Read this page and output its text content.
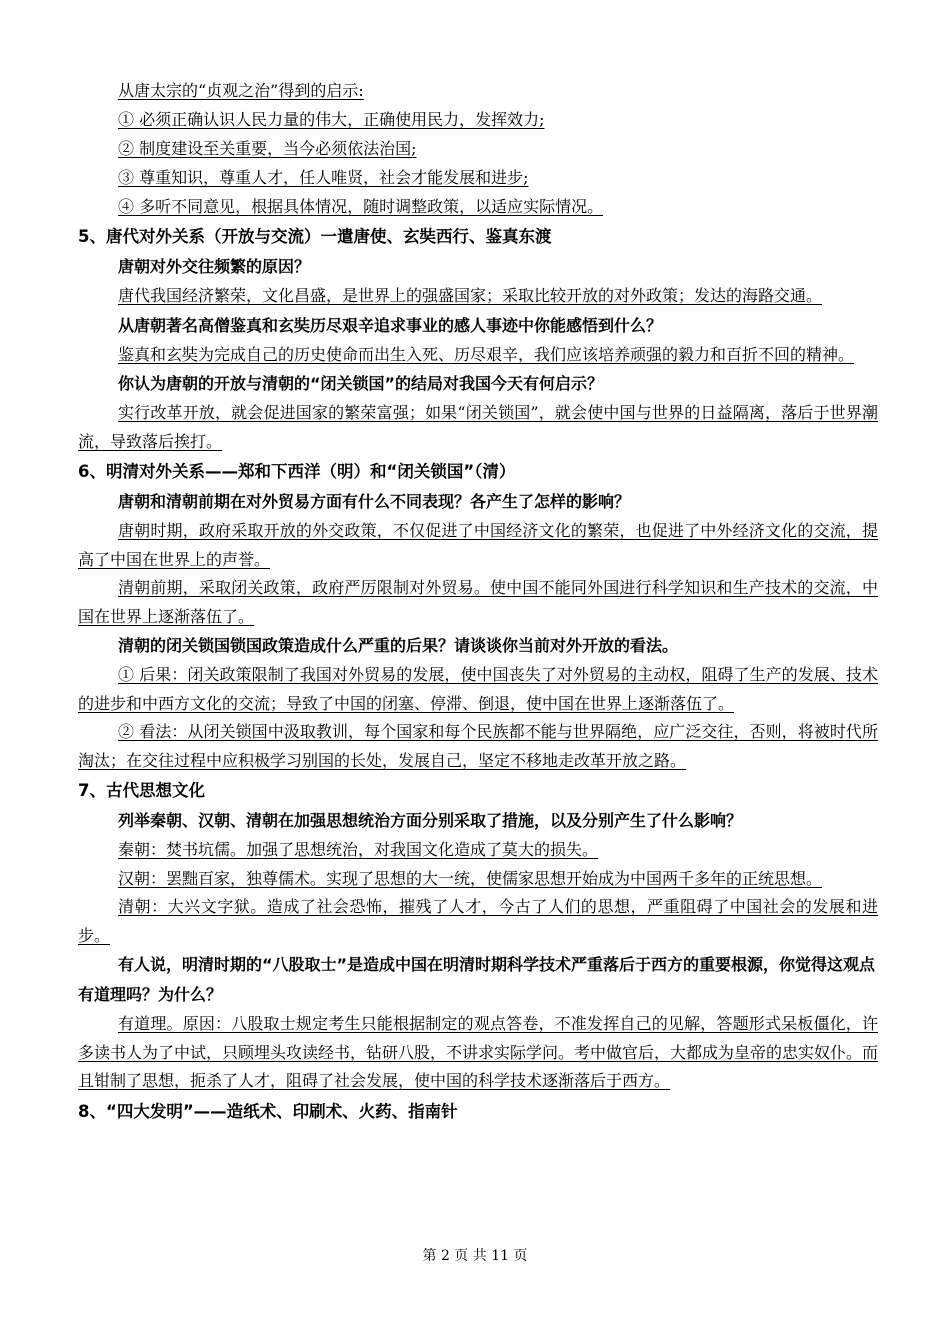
从唐太宗的“贞观之治”得到的启示:

① 必须正确认识人民力量的伟大，正确使用民力，发挥效力;

② 制度建设至关重要，当今必须依法治国;

③ 尊重知识，尊重人才，任人唯贤，社会才能发展和进步;

④ 多听不同意见，根据具体情况，随时调整政策，以适应实际情况。

5、唐代对外关系（开放与交流）一遣唐使、玄奘西行、鉴真东渡

唐朝对外交往频繁的原因？

唐代我国经济繁荣，文化昌盛，是世界上的强盛国家；采取比较开放的对外政策；发达的海路交通。

从唐朝著名高僧鉴真和玄奘历尽艰辛追求事业的感人事迹中你能感悟到什么？

鉴真和玄奘为完成自己的历史使命而出生入死、历尽艰辛，我们应该培养顽强的毅力和百折不回的精神。

你认为唐朝的开放与清朝的“闭关锁国”的结局对我国今天有何启示？

实行改革开放，就会促进国家的繁荣富强；如果“闭关锁国”，就会使中国与世界的日益隔离，落后于世界潮流，导致落后挨打。

6、明清对外关系——郑和下西洋（明）和“闭关锁国”（清）

唐朝和清朝前期在对外贸易方面有什么不同表现？各产生了怎样的影响？

唐朝时期，政府采取开放的外交政策，不仅促进了中国经济文化的繁荣，也促进了中外经济文化的交流，提高了中国在世界上的声誉。

清朝前期，采取闭关政策，政府严厉限制对外贸易。使中国不能同外国进行科学知识和生产技术的交流，中国在世界上逐渐落伍了。

清朝的闭关锁国锁国政策造成什么严重的后果？请谈谈你当前对外开放的看法。

① 后果：闭关政策限制了我国对外贸易的发展，使中国丧失了对外贸易的主动权，阻碍了生产的发展、技术的进步和中西方文化的交流；导致了中国的闭塞、停滞、倒退，使中国在世界上逐渐落伍了。

② 看法：从闭关锁国中汲取教训，每个国家和每个民族都不能与世界隔绝，应广泛交往，否则，将被时代所淘汰；在交往过程中应积极学习别国的长处，发展自己，坚定不移地走改革开放之路。

7、古代思想文化

列举秦朝、汉朝、清朝在加强思想统治方面分别采取了措施，以及分别产生了什么影响？

秦朝：焚书坑儒。加强了思想统治，对我国文化造成了莫大的损失。

汉朝：罢黜百家，独尊儒术。实现了思想的大一统，使儒家思想开始成为中国两千多年的正统思想。

清朝：大兴文字狱。造成了社会恐怖，摧残了人才，今古了人们的思想，严重阻碍了中国社会的发展和进步。

有人说，明清时期的“八股取士”是造成中国在明清时期科学技术严重落后于西方的重要根源，你觉得这观点有道理吗？为什么？

有道理。原因：八股取士规定考生只能根据制定的观点答卷，不准发挥自己的见解，答题形式呆板僵化，许多读书人为了中试，只顾埋头攻读经书，钻研八股，不讲求实际学问。考中做官后，大都成为皇帝的忠实奴仆。而且钳制了思想，扼杀了人才，阻碍了社会发展，使中国的科学技术逐渐落后于西方。

8、“四大发明”——造纸术、印刷术、火药、指南针

第 2 页 共 11 页
